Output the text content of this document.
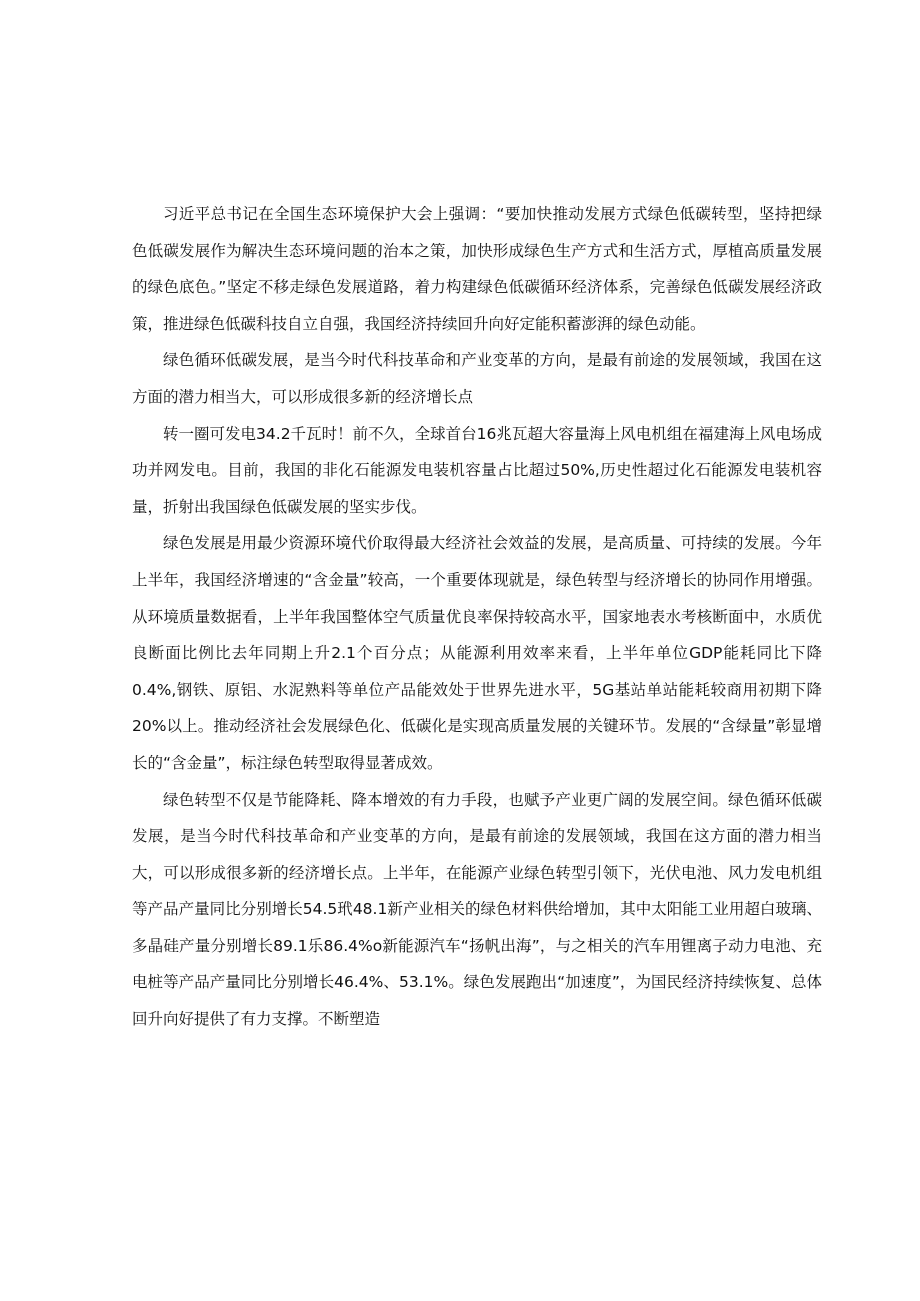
习近平总书记在全国生态环境保护大会上强调：“要加快推动发展方式绿色低碳转型，坚持把绿色低碳发展作为解决生态环境问题的治本之策，加快形成绿色生产方式和生活方式，厚植高质量发展的绿色底色。”坚定不移走绿色发展道路，着力构建绿色低碳循环经济体系，完善绿色低碳发展经济政策，推进绿色低碳科技自立自强，我国经济持续回升向好定能积蓄澎湃的绿色动能。

绿色循环低碳发展，是当今时代科技革命和产业变革的方向，是最有前途的发展领域，我国在这方面的潜力相当大，可以形成很多新的经济增长点

转一圈可发电34.2千瓦时！前不久，全球首台16兆瓦超大容量海上风电机组在福建海上风电场成功并网发电。目前，我国的非化石能源发电装机容量占比超过50%,历史性超过化石能源发电装机容量，折射出我国绿色低碳发展的坚实步伐。

绿色发展是用最少资源环境代价取得最大经济社会效益的发展，是高质量、可持续的发展。今年上半年，我国经济增速的“含金量”较高，一个重要体现就是，绿色转型与经济增长的协同作用增强。从环境质量数据看，上半年我国整体空气质量优良率保持较高水平，国家地表水考核断面中，水质优良断面比例比去年同期上升2.1个百分点；从能源利用效率来看，上半年单位GDP能耗同比下降0.4%,钢铁、原铝、水泥熟料等单位产品能效处于世界先进水平，5G基站单站能耗较商用初期下降20%以上。推动经济社会发展绿色化、低碳化是实现高质量发展的关键环节。发展的“含绿量”彰显增长的“含金量”，标注绿色转型取得显著成效。

绿色转型不仅是节能降耗、降本增效的有力手段，也赋予产业更广阔的发展空间。绿色循环低碳发展，是当今时代科技革命和产业变革的方向，是最有前途的发展领域，我国在这方面的潜力相当大，可以形成很多新的经济增长点。上半年，在能源产业绿色转型引领下，光伏电池、风力发电机组等产品产量同比分别增长54.5玳48.1新产业相关的绿色材料供给增加，其中太阳能工业用超白玻璃、多晶硅产量分别增长89.1乐86.4%o新能源汽车“扬帆出海”，与之相关的汽车用锂离子动力电池、充电桩等产品产量同比分别增长46.4%、53.1%。绿色发展跑出“加速度”，为国民经济持续恢复、总体回升向好提供了有力支撑。不断塑造
